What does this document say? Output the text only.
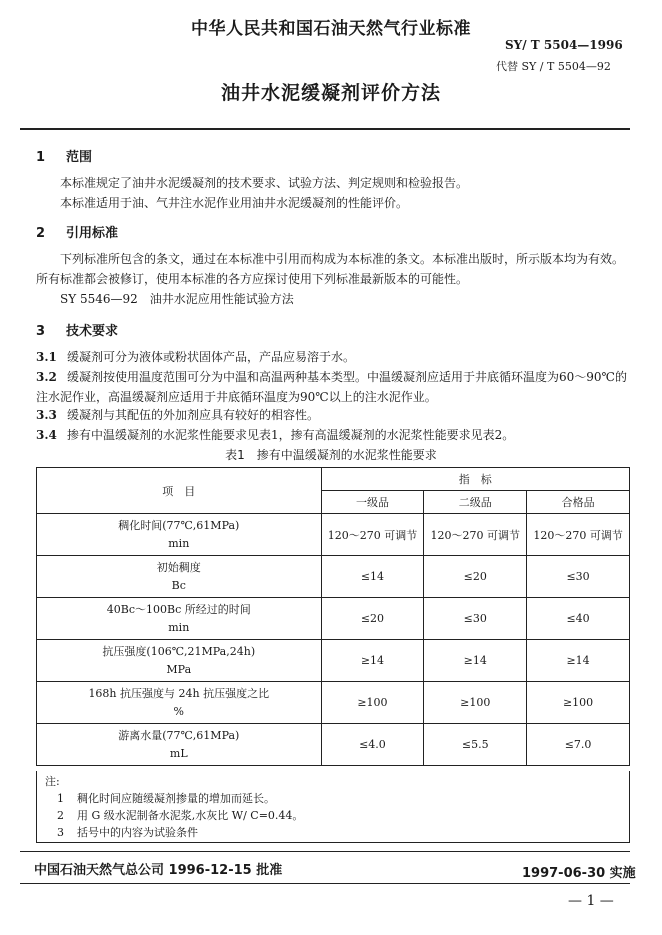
中华人民共和国石油天然气行业标准
SY/ T 5504—1996
代替 SY / T 5504—92
油井水泥缓凝剂评价方法
1 范围
本标准规定了油井水泥缓凝剂的技术要求、试验方法、判定规则和检验报告。
本标准适用于油、气井注水泥作业用油井水泥缓凝剂的性能评价。
2 引用标准
下列标准所包含的条文，通过在本标准中引用而构成为本标准的条文。本标准出版时，所示版本均为有效。所有标准都会被修订，使用本标准的各方应探讨使用下列标准最新版本的可能性。
SY 5546—92　油井水泥应用性能试验方法
3 技术要求
3.1 缓凝剂可分为液体或粉状固体产品，产品应易溶于水。
3.2 缓凝剂按使用温度范围可分为中温和高温两种基本类型。中温缓凝剂应适用于井底循环温度为60～90℃的注水泥作业，高温缓凝剂应适用于井底循环温度为90℃以上的注水泥作业。
3.3 缓凝剂与其配伍的外加剂应具有较好的相容性。
3.4 掺有中温缓凝剂的水泥浆性能要求见表1，掺有高温缓凝剂的水泥浆性能要求见表2。
表1　掺有中温缓凝剂的水泥浆性能要求
项　目	指　标		
	一级品	二级品	合格品

稠化时间(77℃,61MPa)
min	120～270 可调节	120～270 可调节	120～270 可调节

初始稠度
Bc	≤14	≤20	≤30

40Bc～100Bc 所经过的时间
min	≤20	≤30	≤40

抗压强度(106℃,21MPa,24h)
MPa	≥14	≥14	≥14

168h 抗压强度与 24h 抗压强度之比
%	≥100	≥100	≥100

游离水量(77℃,61MPa)
mL	≤4.0	≤5.5	≤7.0
注:
1 稠化时间应随缓凝剂掺量的增加而延长。
2 用 G 级水泥制备水泥浆,水灰比 W/ C=0.44。
3 括号中的内容为试验条件
中国石油天然气总公司 1996-12-15 批准	1997-06-30 实施
— 1 —
